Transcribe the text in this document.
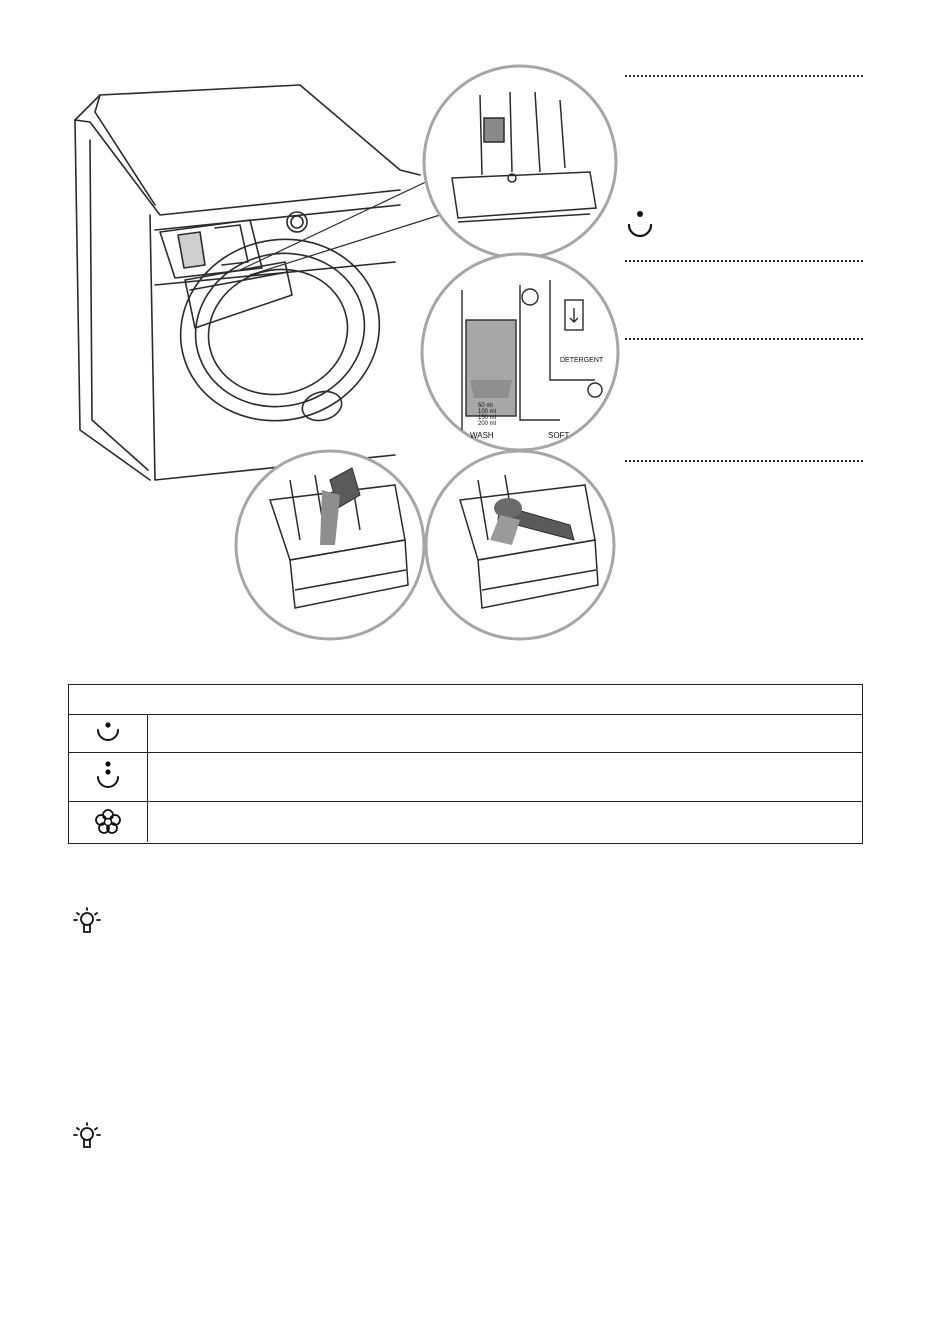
50 ml
100 ml
150 ml
200 ml
WASH	SOFT
DETERGENT
